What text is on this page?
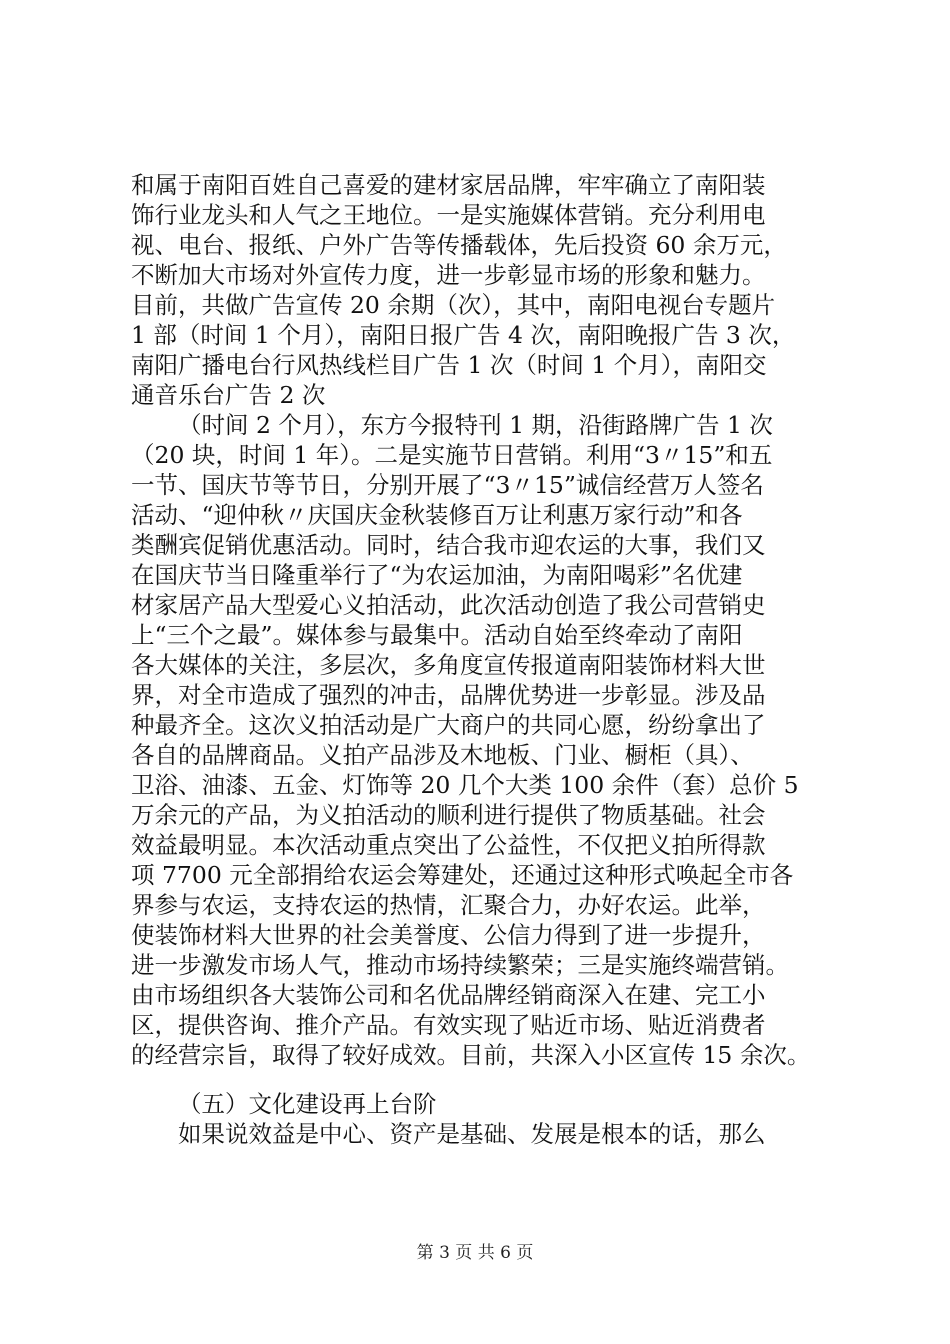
和属于南阳百姓自己喜爱的建材家居品牌，牢牢确立了南阳装
饰行业龙头和人气之王地位。一是实施媒体营销。充分利用电
视、电台、报纸、户外广告等传播载体，先后投资 60 余万元，
不断加大市场对外宣传力度，进一步彰显市场的形象和魅力。
目前，共做广告宣传 20 余期（次），其中，南阳电视台专题片
1 部（时间 1 个月），南阳日报广告 4 次，南阳晚报广告 3 次，
南阳广播电台行风热线栏目广告 1 次（时间 1 个月），南阳交
通音乐台广告 2 次
（时间 2 个月），东方今报特刊 1 期，沿街路牌广告 1 次
（20 块，时间 1 年）。二是实施节日营销。利用“3〃15”和五
一节、国庆节等节日，分别开展了“3〃15”诚信经营万人签名
活动、“迎仲秋〃庆国庆金秋装修百万让利惠万家行动”和各
类酬宾促销优惠活动。同时，结合我市迎农运的大事，我们又
在国庆节当日隆重举行了“为农运加油，为南阳喝彩”名优建
材家居产品大型爱心义拍活动，此次活动创造了我公司营销史
上“三个之最”。媒体参与最集中。活动自始至终牵动了南阳
各大媒体的关注，多层次，多角度宣传报道南阳装饰材料大世
界，对全市造成了强烈的冲击，品牌优势进一步彰显。涉及品
种最齐全。这次义拍活动是广大商户的共同心愿，纷纷拿出了
各自的品牌商品。义拍产品涉及木地板、门业、橱柜（具）、
卫浴、油漆、五金、灯饰等 20 几个大类 100 余件（套）总价 5
万余元的产品，为义拍活动的顺利进行提供了物质基础。社会
效益最明显。本次活动重点突出了公益性，不仅把义拍所得款
项 7700 元全部捐给农运会筹建处，还通过这种形式唤起全市各
界参与农运，支持农运的热情，汇聚合力，办好农运。此举，
使装饰材料大世界的社会美誉度、公信力得到了进一步提升，
进一步激发市场人气，推动市场持续繁荣；三是实施终端营销。
由市场组织各大装饰公司和名优品牌经销商深入在建、完工小
区，提供咨询、推介产品。有效实现了贴近市场、贴近消费者
的经营宗旨，取得了较好成效。目前，共深入小区宣传 15 余次。
（五）文化建设再上台阶
如果说效益是中心、资产是基础、发展是根本的话，那么
第 3 页 共 6 页
